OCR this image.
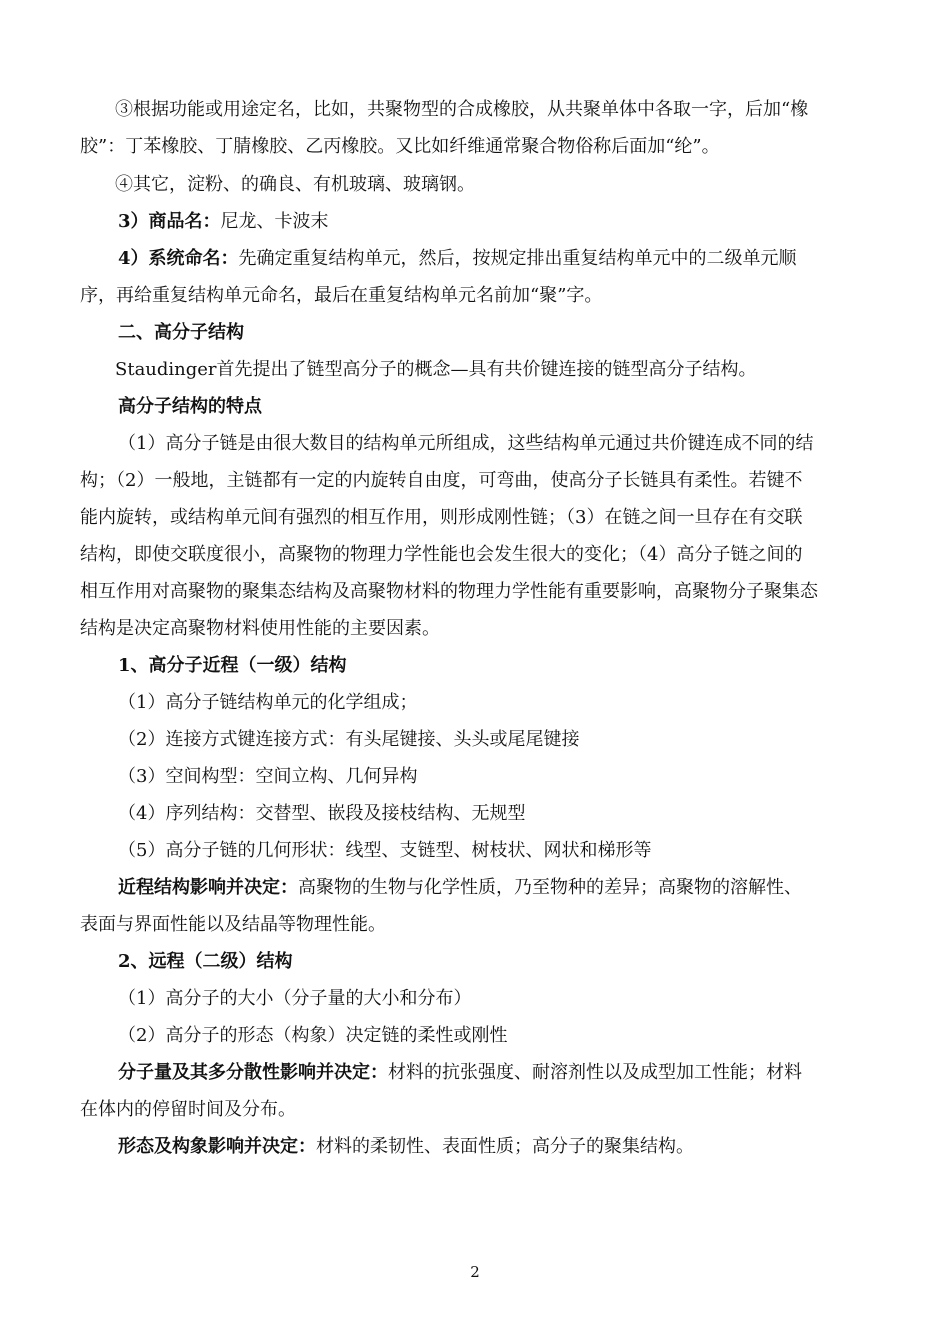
③根据功能或用途定名，比如，共聚物型的合成橡胶，从共聚单体中各取一字，后加“橡
胶”：丁苯橡胶、丁腈橡胶、乙丙橡胶。又比如纤维通常聚合物俗称后面加“纶”。
④其它，淀粉、的确良、有机玻璃、玻璃钢。
3）商品名：尼龙、卡波末
4）系统命名：先确定重复结构单元，然后，按规定排出重复结构单元中的二级单元顺
序，再给重复结构单元命名，最后在重复结构单元名前加“聚”字。
二、高分子结构
Staudinger首先提出了链型高分子的概念—具有共价键连接的链型高分子结构。
高分子结构的特点
（1）高分子链是由很大数目的结构单元所组成，这些结构单元通过共价键连成不同的结
构；（2）一般地，主链都有一定的内旋转自由度，可弯曲，使高分子长链具有柔性。若键不
能内旋转，或结构单元间有强烈的相互作用，则形成刚性链；（3）在链之间一旦存在有交联
结构，即使交联度很小，高聚物的物理力学性能也会发生很大的变化；（4）高分子链之间的
相互作用对高聚物的聚集态结构及高聚物材料的物理力学性能有重要影响，高聚物分子聚集态
结构是决定高聚物材料使用性能的主要因素。
1、高分子近程（一级）结构
（1）高分子链结构单元的化学组成；
（2）连接方式键连接方式：有头尾键接、头头或尾尾键接
（3）空间构型：空间立构、几何异构
（4）序列结构：交替型、嵌段及接枝结构、无规型
（5）高分子链的几何形状：线型、支链型、树枝状、网状和梯形等
近程结构影响并决定：高聚物的生物与化学性质，乃至物种的差异；高聚物的溶解性、
表面与界面性能以及结晶等物理性能。
2、远程（二级）结构
（1）高分子的大小（分子量的大小和分布）
（2）高分子的形态（构象）决定链的柔性或刚性
分子量及其多分散性影响并决定：材料的抗张强度、耐溶剂性以及成型加工性能；材料
在体内的停留时间及分布。
形态及构象影响并决定：材料的柔韧性、表面性质；高分子的聚集结构。
2
